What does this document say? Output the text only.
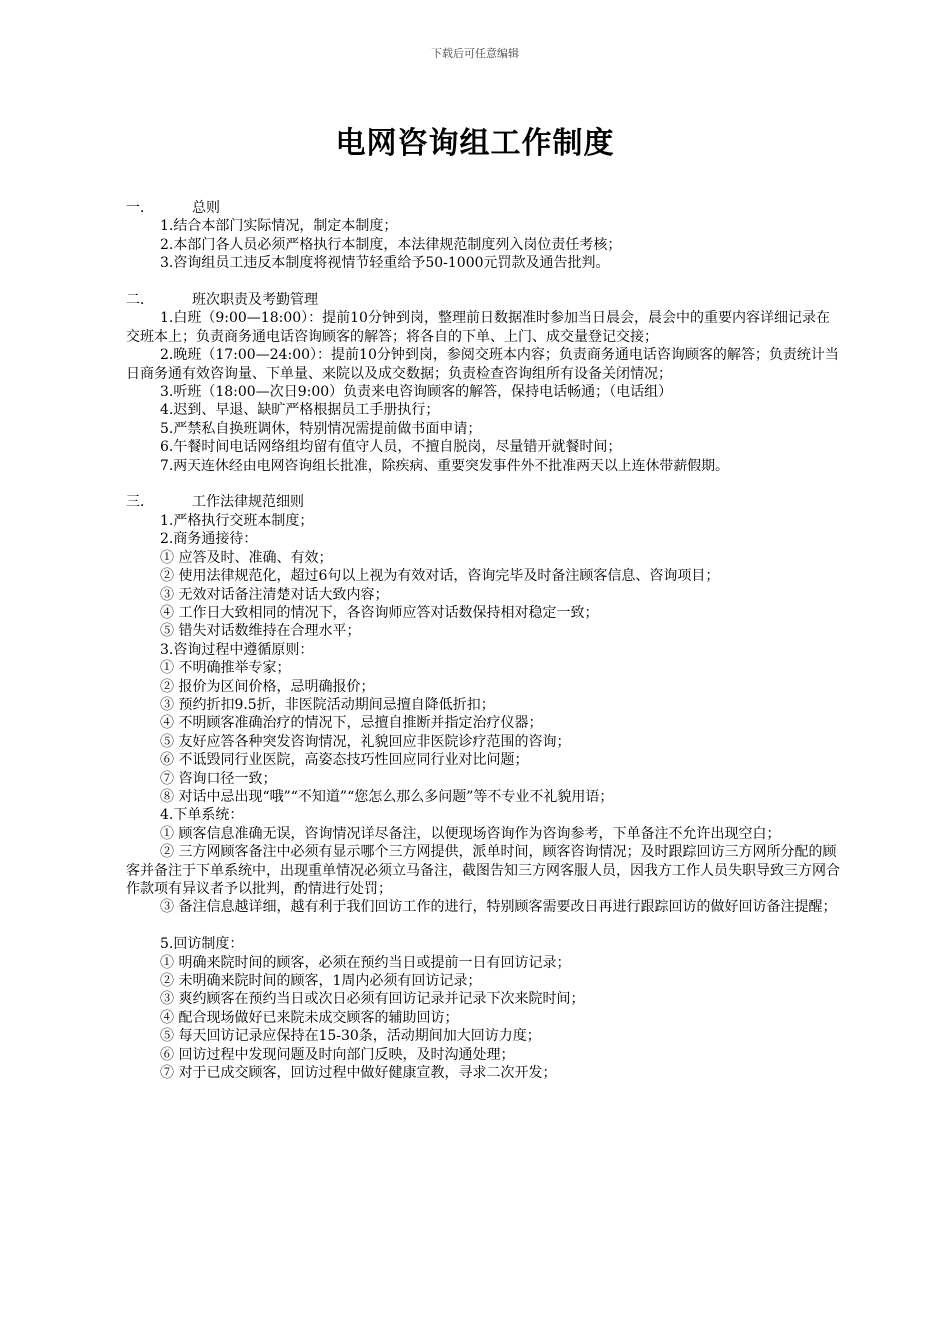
下载后可任意编辑
电网咨询组工作制度
一．	总则
1.结合本部门实际情况，制定本制度；
2.本部门各人员必须严格执行本制度，本法律规范制度列入岗位责任考核；
3.咨询组员工违反本制度将视情节轻重给予50-1000元罚款及通告批判。
二．	班次职责及考勤管理
1.白班（9:00—18:00）：提前10分钟到岗，整理前日数据准时参加当日晨会，晨会中的重要内容详细记录在交班本上；负责商务通电话咨询顾客的解答；将各自的下单、上门、成交量登记交接；
2.晚班（17:00—24:00）：提前10分钟到岗，参阅交班本内容；负责商务通电话咨询顾客的解答；负责统计当日商务通有效咨询量、下单量、来院以及成交数据；负责检查咨询组所有设备关闭情况；
3.听班（18:00—次日9:00）负责来电咨询顾客的解答，保持电话畅通；（电话组）
4.迟到、早退、缺旷严格根据员工手册执行；
5.严禁私自换班调休，特别情况需提前做书面申请；
6.午餐时间电话网络组均留有值守人员，不擅自脱岗，尽量错开就餐时间；
7.两天连休经由电网咨询组长批准，除疾病、重要突发事件外不批准两天以上连休带薪假期。
三．	工作法律规范细则
1.严格执行交班本制度；
2.商务通接待：
① 应答及时、准确、有效；
② 使用法律规范化，超过6句以上视为有效对话，咨询完毕及时备注顾客信息、咨询项目；
③ 无效对话备注清楚对话大致内容；
④ 工作日大致相同的情况下，各咨询师应答对话数保持相对稳定一致；
⑤ 错失对话数维持在合理水平；
3.咨询过程中遵循原则：
① 不明确推举专家；
② 报价为区间价格，忌明确报价；
③ 预约折扣9.5折，非医院活动期间忌擅自降低折扣；
④ 不明顾客准确治疗的情况下，忌擅自推断并指定治疗仪器；
⑤ 友好应答各种突发咨询情况，礼貌回应非医院诊疗范围的咨询；
⑥ 不诋毁同行业医院，高姿态技巧性回应同行业对比问题；
⑦ 咨询口径一致；
⑧ 对话中忌出现“哦”“不知道”“您怎么那么多问题”等不专业不礼貌用语；
4.下单系统：
① 顾客信息准确无误，咨询情况详尽备注，以便现场咨询作为咨询参考，下单备注不允许出现空白；
② 三方网顾客备注中必须有显示哪个三方网提供，派单时间，顾客咨询情况；及时跟踪回访三方网所分配的顾客并备注于下单系统中，出现重单情况必须立马备注，截图告知三方网客服人员，因我方工作人员失职导致三方网合作款项有异议者予以批判，酌情进行处罚；
③ 备注信息越详细，越有利于我们回访工作的进行，特别顾客需要改日再进行跟踪回访的做好回访备注提醒；
5.回访制度：
① 明确来院时间的顾客，必须在预约当日或提前一日有回访记录；
② 未明确来院时间的顾客，1周内必须有回访记录；
③ 爽约顾客在预约当日或次日必须有回访记录并记录下次来院时间；
④ 配合现场做好已来院未成交顾客的辅助回访；
⑤ 每天回访记录应保持在15-30条，活动期间加大回访力度；
⑥ 回访过程中发现问题及时向部门反映，及时沟通处理；
⑦ 对于已成交顾客，回访过程中做好健康宣教，寻求二次开发；
